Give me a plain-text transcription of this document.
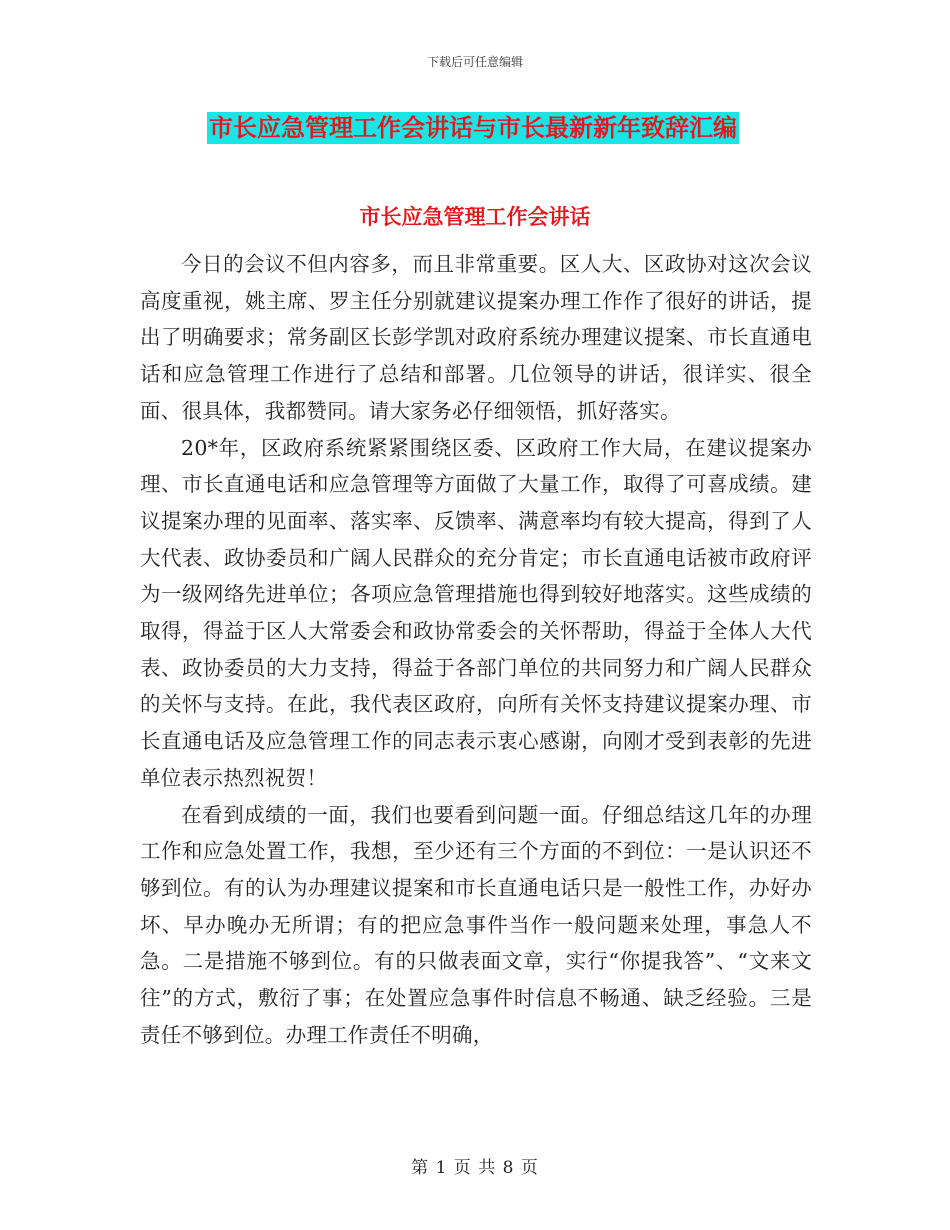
下载后可任意编辑
市长应急管理工作会讲话与市长最新新年致辞汇编
市长应急管理工作会讲话

今日的会议不但内容多，而且非常重要。区人大、区政协对这次会议高度重视，姚主席、罗主任分别就建议提案办理工作作了很好的讲话，提出了明确要求；常务副区长彭学凯对政府系统办理建议提案、市长直通电话和应急管理工作进行了总结和部署。几位领导的讲话，很详实、很全面、很具体，我都赞同。请大家务必仔细领悟，抓好落实。

20*年，区政府系统紧紧围绕区委、区政府工作大局，在建议提案办理、市长直通电话和应急管理等方面做了大量工作，取得了可喜成绩。建议提案办理的见面率、落实率、反馈率、满意率均有较大提高，得到了人大代表、政协委员和广阔人民群众的充分肯定；市长直通电话被市政府评为一级网络先进单位；各项应急管理措施也得到较好地落实。这些成绩的取得，得益于区人大常委会和政协常委会的关怀帮助，得益于全体人大代表、政协委员的大力支持，得益于各部门单位的共同努力和广阔人民群众的关怀与支持。在此，我代表区政府，向所有关怀支持建议提案办理、市长直通电话及应急管理工作的同志表示衷心感谢，向刚才受到表彰的先进单位表示热烈祝贺！

在看到成绩的一面，我们也要看到问题一面。仔细总结这几年的办理工作和应急处置工作，我想，至少还有三个方面的不到位：一是认识还不够到位。有的认为办理建议提案和市长直通电话只是一般性工作，办好办坏、早办晚办无所谓；有的把应急事件当作一般问题来处理，事急人不急。二是措施不够到位。有的只做表面文章，实行“你提我答”、“文来文往”的方式，敷衍了事；在处置应急事件时信息不畅通、缺乏经验。三是责任不够到位。办理工作责任不明确，

第 1 页 共 8 页
